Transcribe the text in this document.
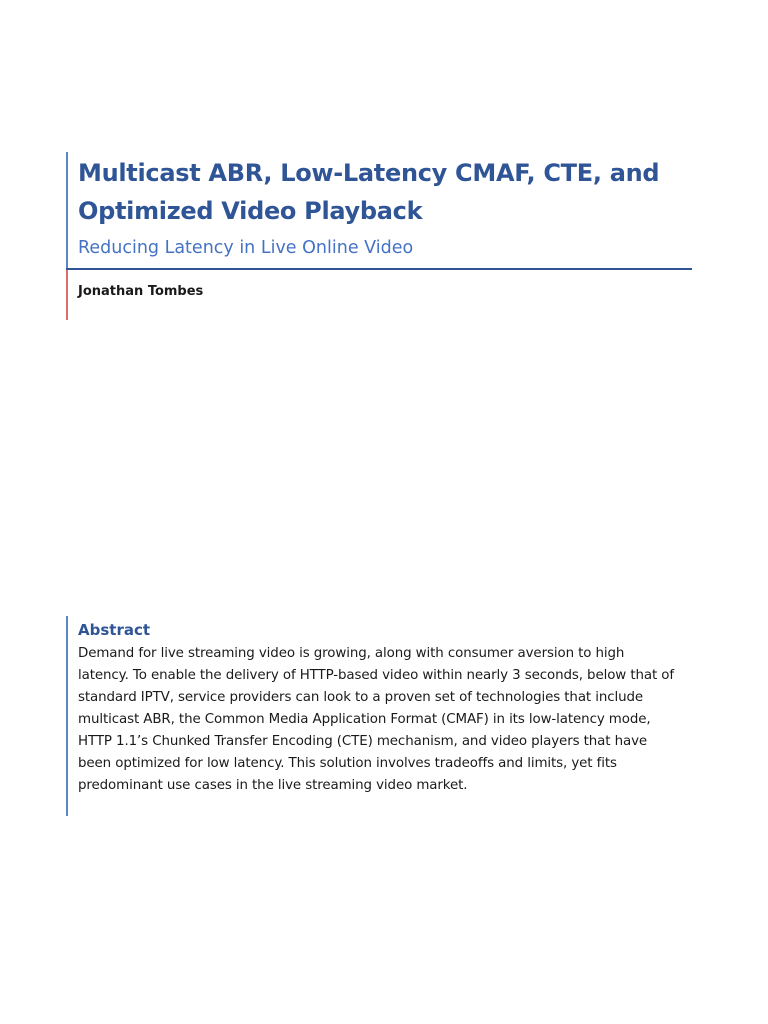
Multicast ABR, Low-Latency CMAF, CTE, and Optimized Video Playback
Reducing Latency in Live Online Video
Jonathan Tombes
Abstract

Demand for live streaming video is growing, along with consumer aversion to high latency. To enable the delivery of HTTP-based video within nearly 3 seconds, below that of standard IPTV, service providers can look to a proven set of technologies that include multicast ABR, the Common Media Application Format (CMAF) in its low-latency mode, HTTP 1.1’s Chunked Transfer Encoding (CTE) mechanism, and video players that have been optimized for low latency. This solution involves tradeoffs and limits, yet fits predominant use cases in the live streaming video market.
